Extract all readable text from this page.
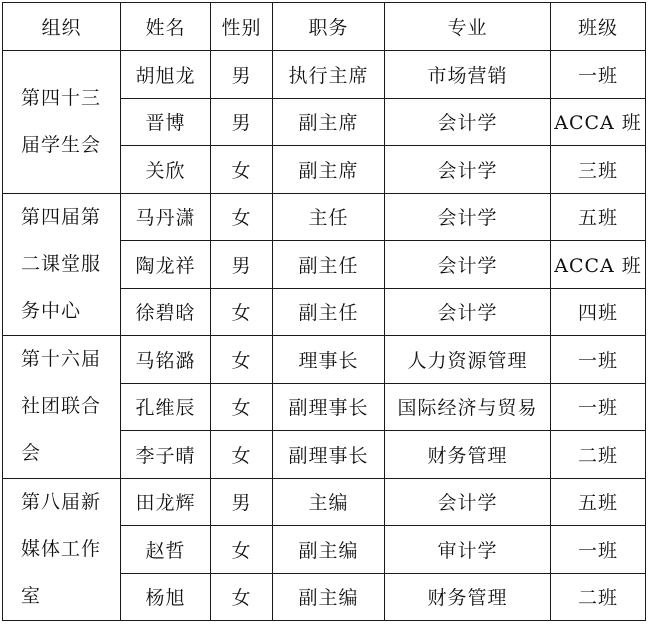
组织	姓名	性别	职务	专业	班级
第四十三届学生会	胡旭龙	男	执行主席	市场营销	一班
	晋博	男	副主席	会计学	ACCA 班
	关欣	女	副主席	会计学	三班
第四届第二课堂服务中心	马丹潇	女	主任	会计学	五班
	陶龙祥	男	副主任	会计学	ACCA 班
	徐碧晗	女	副主任	会计学	四班
第十六届社团联合会	马铭潞	女	理事长	人力资源管理	一班
	孔维辰	女	副理事长	国际经济与贸易	一班
	李子晴	女	副理事长	财务管理	二班
第八届新媒体工作室	田龙辉	男	主编	会计学	五班
	赵哲	女	副主编	审计学	一班
	杨旭	女	副主编	财务管理	二班
